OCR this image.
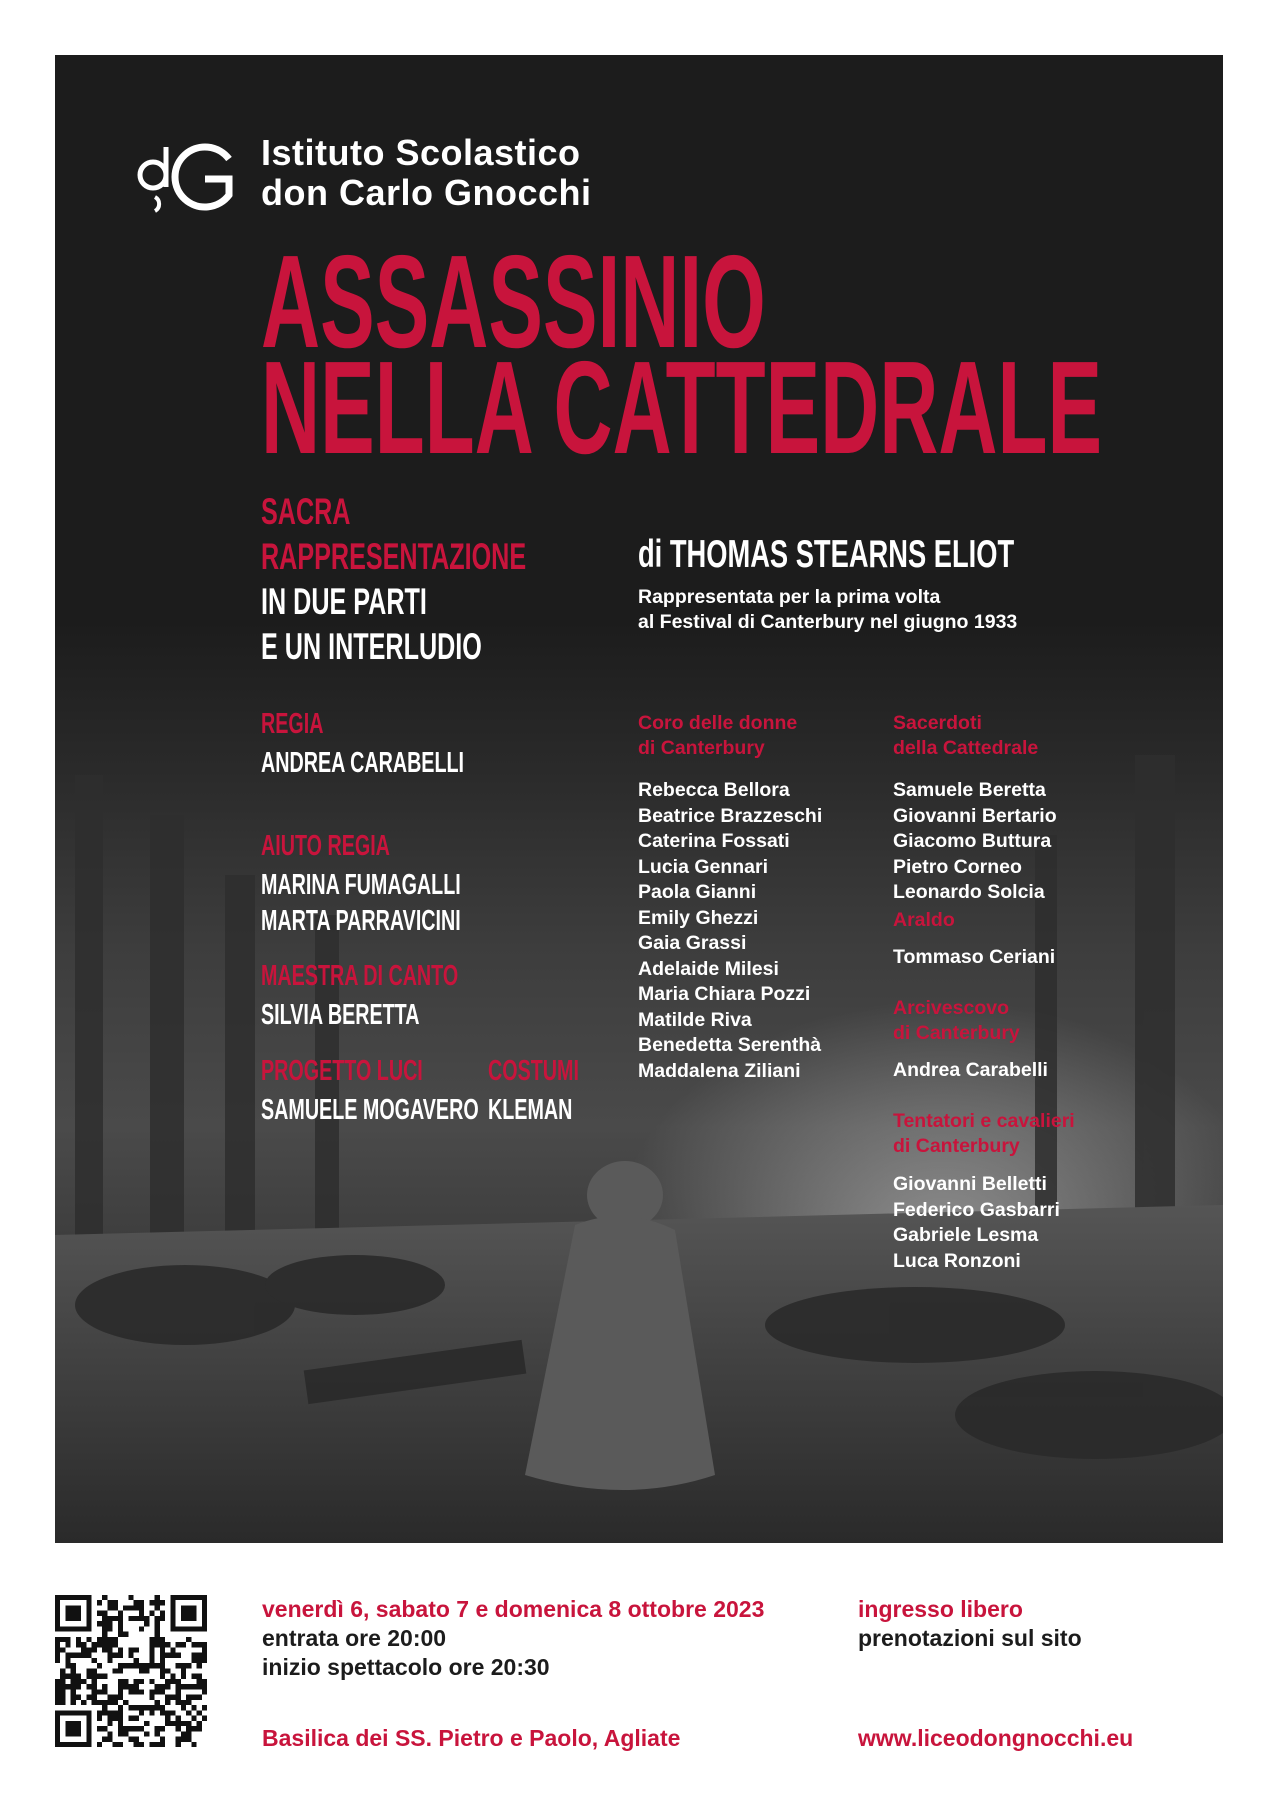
Istituto Scolastico
don Carlo Gnocchi
ASSASSINIO
NELLA CATTEDRALE
SACRA
RAPPRESENTAZIONE
IN DUE PARTI
E UN INTERLUDIO
di THOMAS STEARNS ELIOT
Rappresentata per la prima volta
al Festival di Canterbury nel giugno 1933
REGIA
ANDREA CARABELLI
AIUTO REGIA
MARINA FUMAGALLI
MARTA PARRAVICINI
MAESTRA DI CANTO
SILVIA BERETTA
PROGETTO LUCI
SAMUELE MOGAVERO
COSTUMI
KLEMAN
Coro delle donne
di Canterbury
Rebecca Bellora
Beatrice Brazzeschi
Caterina Fossati
Lucia Gennari
Paola Gianni
Emily Ghezzi
Gaia Grassi
Adelaide Milesi
Maria Chiara Pozzi
Matilde Riva
Benedetta Serenthà
Maddalena Ziliani
Sacerdoti
della Cattedrale
Samuele Beretta
Giovanni Bertario
Giacomo Buttura
Pietro Corneo
Leonardo Solcia
Araldo
Tommaso Ceriani
Arcivescovo
di Canterbury
Andrea Carabelli
Tentatori e cavalieri
di Canterbury
Giovanni Belletti
Federico Gasbarri
Gabriele Lesma
Luca Ronzoni
venerdì 6, sabato 7 e domenica 8 ottobre 2023
entrata ore 20:00
inizio spettacolo ore 20:30
Basilica dei SS. Pietro e Paolo, Agliate
ingresso libero
prenotazioni sul sito
www.liceodongnocchi.eu
